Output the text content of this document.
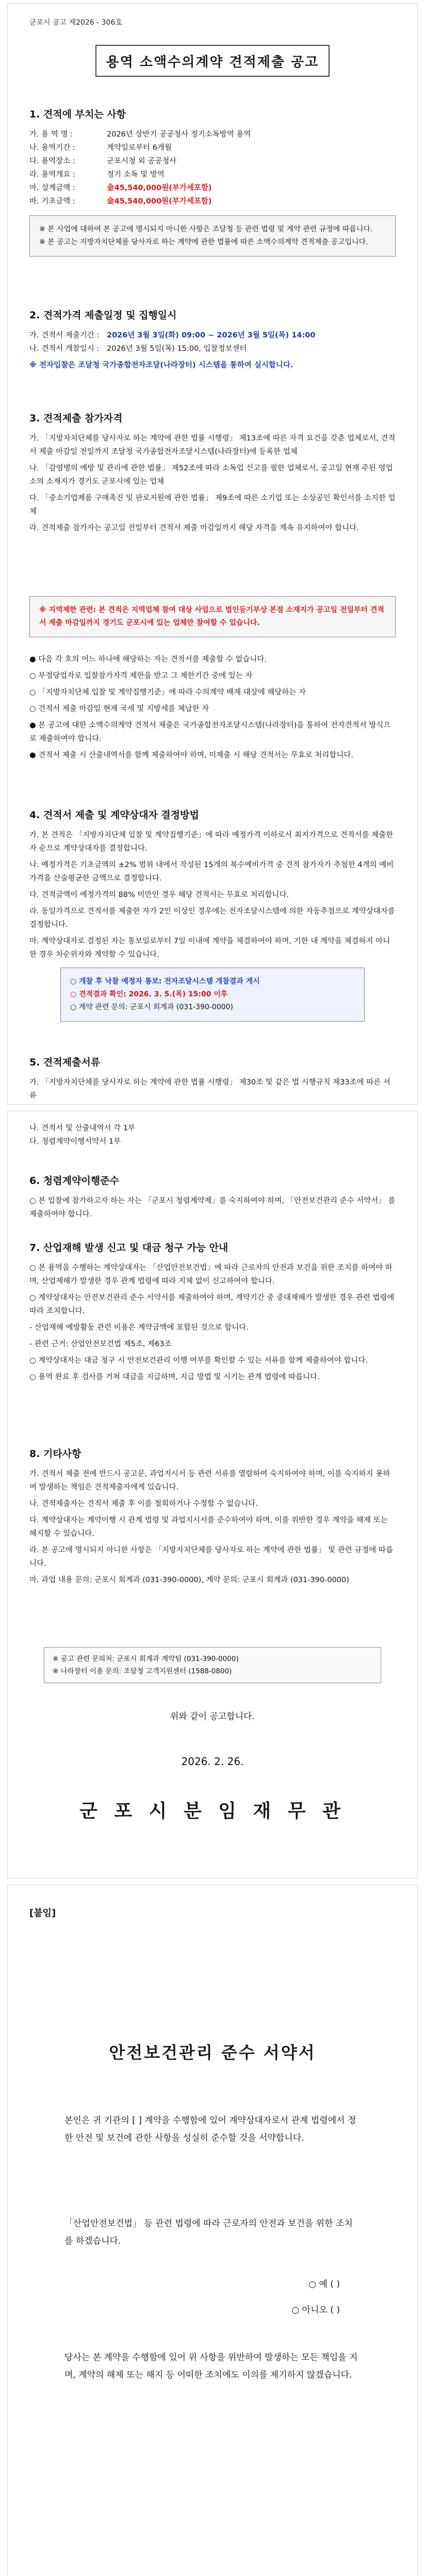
군포시 공고 제2026 - 306호
용역 소액수의계약 견적제출 공고
1. 견적에 부치는 사항
가. 용 역 명 :	2026년 상반기 공공청사 정기소독방역 용역
나. 용역기간 :	계약일로부터 6개월
다. 용역장소 :	군포시청 외 공공청사
라. 용역개요 :	정기 소독 및 방역
마. 설계금액 :	金45,540,000원(부가세포함)
바. 기초금액 :	金45,540,000원(부가세포함)
※ 본 사업에 대하여 본 공고에 명시되지 아니한 사항은 조달청 등 관련 법령 및 계약 관련 규정에 따릅니다.
※ 본 공고는 지방자치단체를 당사자로 하는 계약에 관한 법률에 따른 소액수의계약 견적제출 공고입니다.
2. 견적가격 제출일정 및 집행일시
가. 견적서 제출기간 :	2026년 3월 3일(화) 09:00 ~ 2026년 3월 5일(목) 14:00
나. 견적서 개찰일시 :	2026년 3월 5일(목) 15:00, 입찰정보센터

※ 전자입찰은 조달청 국가종합전자조달(나라장터) 시스템을 통하여 실시합니다.

3. 견적제출 참가자격

가. 「지방자치단체를 당사자로 하는 계약에 관한 법률 시행령」 제13조에 따른 자격 요건을 갖춘 업체로서, 견적서 제출 마감일 전일까지 조달청 국가종합전자조달시스템(나라장터)에 등록한 업체

나. 「감염병의 예방 및 관리에 관한 법률」 제52조에 따라 소독업 신고를 필한 업체로서, 공고일 현재 주된 영업소의 소재지가 경기도 군포시에 있는 업체

다. 「중소기업제품 구매촉진 및 판로지원에 관한 법률」 제9조에 따른 소기업 또는 소상공인 확인서를 소지한 업체

라. 견적제출 참가자는 공고일 전일부터 견적서 제출 마감일까지 해당 자격을 계속 유지하여야 합니다.

※ 지역제한 관련: 본 견적은 지역업체 참여 대상 사업으로 법인등기부상 본점 소재지가 공고일 전일부터 견적서 제출 마감일까지 경기도 군포시에 있는 업체만 참여할 수 있습니다.

● 다음 각 호의 어느 하나에 해당하는 자는 견적서를 제출할 수 없습니다.

○ 부정당업자로 입찰참가자격 제한을 받고 그 제한기간 중에 있는 자

○ 「지방자치단체 입찰 및 계약집행기준」에 따라 수의계약 배제 대상에 해당하는 자

○ 견적서 제출 마감일 현재 국세 및 지방세를 체납한 자

● 본 공고에 대한 소액수의계약 견적서 제출은 국가종합전자조달시스템(나라장터)을 통하여 전자견적서 방식으로 제출하여야 합니다.

● 견적서 제출 시 산출내역서를 함께 제출하여야 하며, 미제출 시 해당 견적서는 무효로 처리합니다.

4. 견적서 제출 및 계약상대자 결정방법

가. 본 견적은 「지방자치단체 입찰 및 계약집행기준」에 따라 예정가격 이하로서 최저가격으로 견적서를 제출한 자 순으로 계약상대자를 결정합니다.

나. 예정가격은 기초금액의 ±2% 범위 내에서 작성된 15개의 복수예비가격 중 견적 참가자가 추첨한 4개의 예비가격을 산술평균한 금액으로 결정합니다.

다. 견적금액이 예정가격의 88% 미만인 경우 해당 견적서는 무효로 처리합니다.

라. 동일가격으로 견적서를 제출한 자가 2인 이상인 경우에는 전자조달시스템에 의한 자동추첨으로 계약상대자를 결정합니다.

마. 계약상대자로 결정된 자는 통보일로부터 7일 이내에 계약을 체결하여야 하며, 기한 내 계약을 체결하지 아니한 경우 차순위자와 계약할 수 있습니다.

○ 개찰 후 낙찰 예정자 통보: 전자조달시스템 개찰결과 게시
○ 견적결과 확인: 2026. 3. 5.(목) 15:00 이후
○ 계약 관련 문의: 군포시 회계과 (031-390-0000)
5. 견적제출서류

가. 「지방자치단체를 당사자로 하는 계약에 관한 법률 시행령」 제30조 및 같은 법 시행규칙 제33조에 따른 서류

나. 견적서 및 산출내역서 각 1부

다. 청렴계약이행서약서 1부

6. 청렴계약이행준수

○ 본 입찰에 참가하고자 하는 자는 「군포시 청렴계약제」를 숙지하여야 하며, 「안전보건관리 준수 서약서」 를 제출하여야 합니다.

7. 산업재해 발생 신고 및 대금 청구 가능 안내

○ 본 용역을 수행하는 계약상대자는 「산업안전보건법」에 따라 근로자의 안전과 보건을 위한 조치를 하여야 하며, 산업재해가 발생한 경우 관계 법령에 따라 지체 없이 신고하여야 합니다.

○ 계약상대자는 안전보건관리 준수 서약서를 제출하여야 하며, 계약기간 중 중대재해가 발생한 경우 관련 법령에 따라 조치합니다.

- 산업재해 예방활동 관련 비용은 계약금액에 포함된 것으로 합니다.

- 관련 근거: 산업안전보건법 제5조, 제63조

○ 계약상대자는 대금 청구 시 안전보건관리 이행 여부를 확인할 수 있는 서류를 함께 제출하여야 합니다.

○ 용역 완료 후 검사를 거쳐 대금을 지급하며, 지급 방법 및 시기는 관계 법령에 따릅니다.

8. 기타사항

가. 견적서 제출 전에 반드시 공고문, 과업지시서 등 관련 서류를 열람하여 숙지하여야 하며, 이를 숙지하지 못하여 발생하는 책임은 견적제출자에게 있습니다.

나. 견적제출자는 견적서 제출 후 이를 철회하거나 수정할 수 없습니다.

다. 계약상대자는 계약이행 시 관계 법령 및 과업지시서를 준수하여야 하며, 이를 위반한 경우 계약을 해제 또는 해지할 수 있습니다.

라. 본 공고에 명시되지 아니한 사항은 「지방자치단체를 당사자로 하는 계약에 관한 법률」 및 관련 규정에 따릅니다.

마. 과업 내용 문의: 군포시 회계과 (031-390-0000), 계약 문의: 군포시 회계과 (031-390-0000)

※ 공고 관련 문의처: 군포시 회계과 계약팀 (031-390-0000)
※ 나라장터 이용 문의: 조달청 고객지원센터 (1588-0800)
위와 같이 공고합니다.
2026. 2. 26.
군 포 시 분 임 재 무 관
[붙임]
안전보건관리 준수 서약서
본인은 귀 기관의 [ ] 계약을 수행함에 있어 계약상대자로서 관계 법령에서 정한 안전 및 보건에 관한 사항을 성실히 준수할 것을 서약합니다.
「산업안전보건법」 등 관련 법령에 따라 근로자의 안전과 보건을 위한 조치를 하겠습니다.
○ 예 ( )
○ 아니오 ( )
당사는 본 계약을 수행함에 있어 위 사항을 위반하여 발생하는 모든 책임을 지며, 계약의 해제 또는 해지 등 어떠한 조치에도 이의를 제기하지 않겠습니다.
